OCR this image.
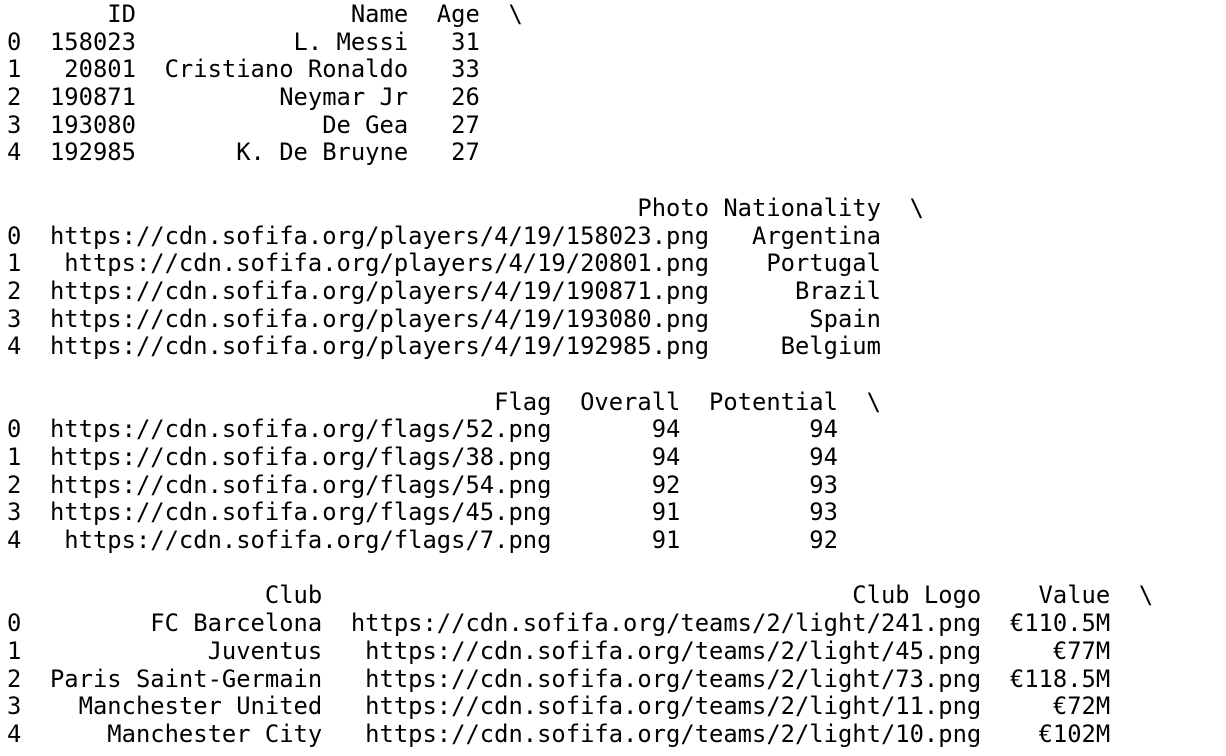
ID               Name  Age  \
0  158023           L. Messi   31
1   20801  Cristiano Ronaldo   33
2  190871          Neymar Jr   26
3  193080             De Gea   27
4  192985       K. De Bruyne   27
Photo Nationality  \
0  https://cdn.sofifa.org/players/4/19/158023.png   Argentina
1   https://cdn.sofifa.org/players/4/19/20801.png    Portugal
2  https://cdn.sofifa.org/players/4/19/190871.png      Brazil
3  https://cdn.sofifa.org/players/4/19/193080.png       Spain
4  https://cdn.sofifa.org/players/4/19/192985.png     Belgium
Flag  Overall  Potential  \
0  https://cdn.sofifa.org/flags/52.png       94         94
1  https://cdn.sofifa.org/flags/38.png       94         94
2  https://cdn.sofifa.org/flags/54.png       92         93
3  https://cdn.sofifa.org/flags/45.png       91         93
4   https://cdn.sofifa.org/flags/7.png       91         92
Club                                     Club Logo    Value  \
0         FC Barcelona  https://cdn.sofifa.org/teams/2/light/241.png  €110.5M
1             Juventus   https://cdn.sofifa.org/teams/2/light/45.png     €77M
2  Paris Saint-Germain   https://cdn.sofifa.org/teams/2/light/73.png  €118.5M
3    Manchester United   https://cdn.sofifa.org/teams/2/light/11.png     €72M
4      Manchester City   https://cdn.sofifa.org/teams/2/light/10.png    €102M
